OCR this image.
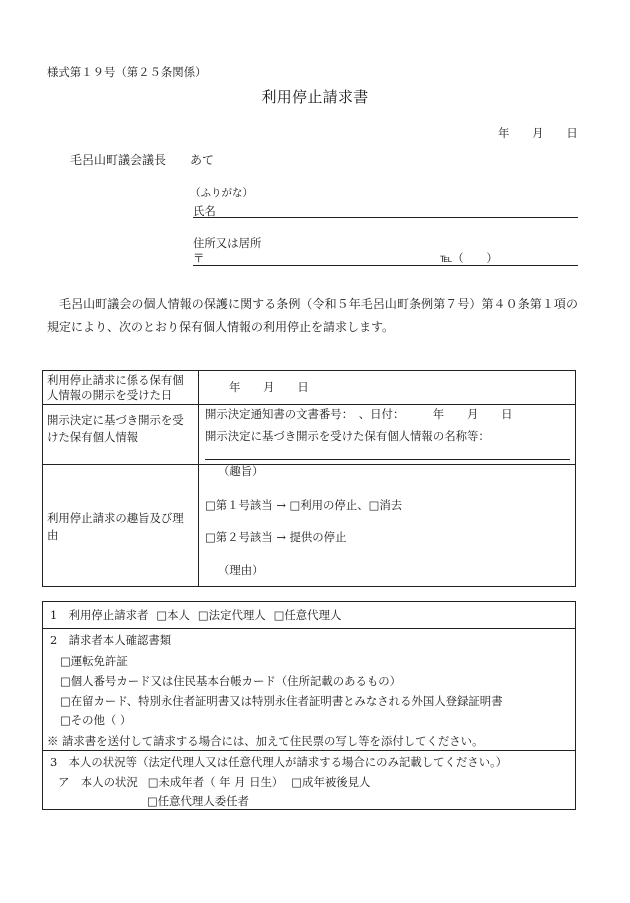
様式第１９号（第２５条関係）
利用停止請求書
年　　月　　日
毛呂山町議会議長　　あて
（ふりがな）
氏名
住所又は居所
〒	℡（　　）
毛呂山町議会の個人情報の保護に関する条例（令和５年毛呂山町条例第７号）第４０条第１項の規定により、次のとおり保有個人情報の利用停止を請求します。
利用停止請求に係る保有個人情報の開示を受けた日
年　　月　　日
開示決定に基づき開示を受けた保有個人情報
開示決定通知書の文書番号：　、日付：　　　年　　月　　日
開示決定に基づき開示を受けた保有個人情報の名称等：
利用停止請求の趣旨及び理由
（趣旨）
□第１号該当 → □利用の停止、□消去
□第２号該当 → 提供の停止
（理由）
1　利用停止請求者 □本人 □法定代理人 □任意代理人
2　請求者本人確認書類
□運転免許証
□個人番号カード又は住民基本台帳カード（住所記載のあるもの）
□在留カード、特別永住者証明書又は特別永住者証明書とみなされる外国人登録証明書
□その他（ ）
※ 請求書を送付して請求する場合には、加えて住民票の写し等を添付してください。
3　本人の状況等（法定代理人又は任意代理人が請求する場合にのみ記載してください。）
ア　本人の状況 □未成年者（ 年 月 日生） □成年被後見人
□任意代理人委任者
